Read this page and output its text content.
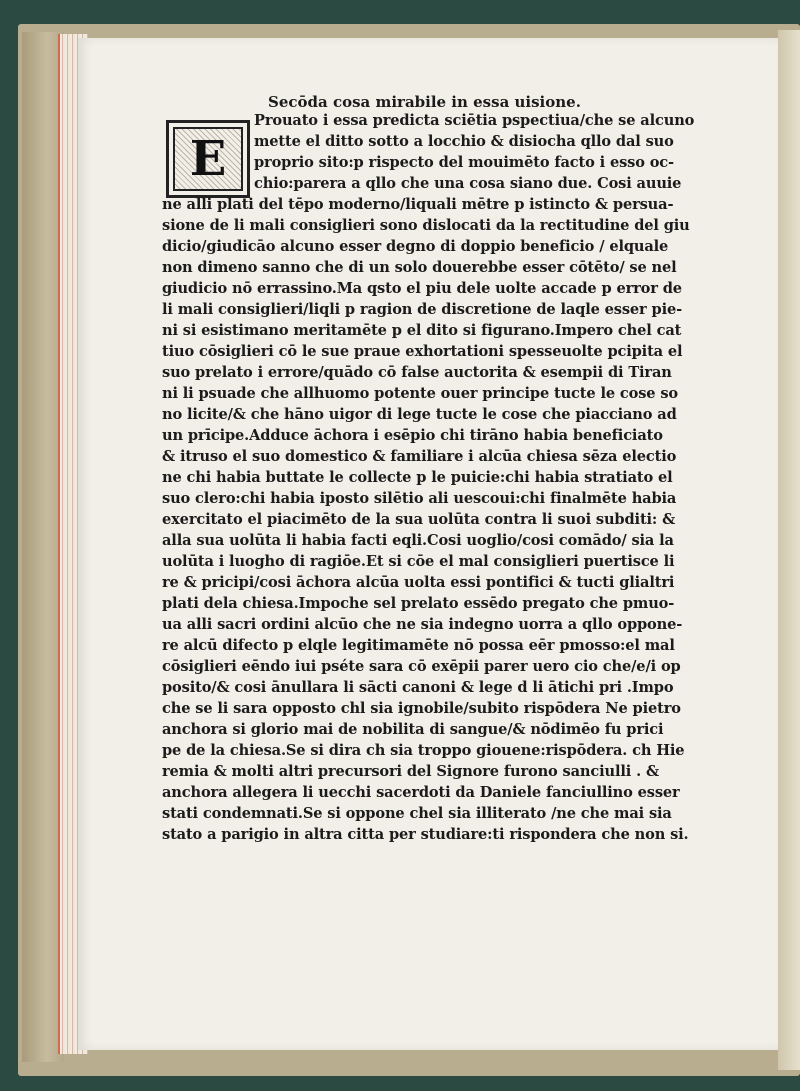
Secōda cosa mirabile in essa uisione.
E
Prouato i essa predicta sciētia pspectiua/che se alcuno
mette el ditto sotto a locchio & disiocha qllo dal suo
proprio sito:p rispecto del mouimēto facto i esso oc-
chio:parera a qllo che una cosa siano due. Cosi auuie
ne alli plati del tēpo moderno/liquali mētre p istincto & persua-
sione de li mali consiglieri sono dislocati da la rectitudine del giu
dicio/giudicāo alcuno esser degno di doppio beneficio / elquale
non dimeno sanno che di un solo douerebbe esser cōtēto/ se nel
giudicio nō errassino.Ma qsto el piu dele uolte accade p error de
li mali consiglieri/liqli p ragion de discretione de laqle esser pie-
ni si esistimano meritamēte p el dito si figurano.Impero chel cat
tiuo cōsiglieri cō le sue praue exhortationi spesseuolte pcipita el
suo prelato i errore/quādo cō false auctorita & esempii di Tiran
ni li psuade che allhuomo potente ouer principe tucte le cose so
no licite/& che hāno uigor di lege tucte le cose che piacciano ad
un prīcipe.Adduce āchora i esēpio chi tirāno habia beneficiato
& itruso el suo domestico & familiare i alcūa chiesa sēza electio
ne chi habia buttate le collecte p le puicie:chi habia stratiato el
suo clero:chi habia iposto silētio ali uescoui:chi finalmēte habia
exercitato el piacimēto de la sua uolūta contra li suoi subditi: &
alla sua uolūta li habia facti eqli.Cosi uoglio/cosi comādo/ sia la
uolūta i luogho di ragiōe.Et si cōe el mal consiglieri puertisce li
re & pricipi/cosi āchora alcūa uolta essi pontifici & tucti glialtri
plati dela chiesa.Impoche sel prelato essēdo pregato che pmuo-
ua alli sacri ordini alcūo che ne sia indegno uorra a qllo oppone-
re alcū difecto p elqle legitimamēte nō possa eēr pmosso:el mal
cōsiglieri eēndo iui pséte sara cō exēpii parer uero cio che/e/i op
posito/& cosi ānullara li sācti canoni & lege d li ātichi pri .Impo
che se li sara opposto chl sia ignobile/subito rispōdera Ne pietro
anchora si glorio mai de nobilita di sangue/& nōdimēo fu prici
pe de la chiesa.Se si dira ch sia troppo giouene:rispōdera. ch Hie
remia & molti altri precursori del Signore furono sanciulli . &
anchora allegera li uecchi sacerdoti da Daniele fanciullino esser
stati condemnati.Se si oppone chel sia illiterato /ne che mai sia
stato a parigio in altra citta per studiare:ti rispondera che non si.
